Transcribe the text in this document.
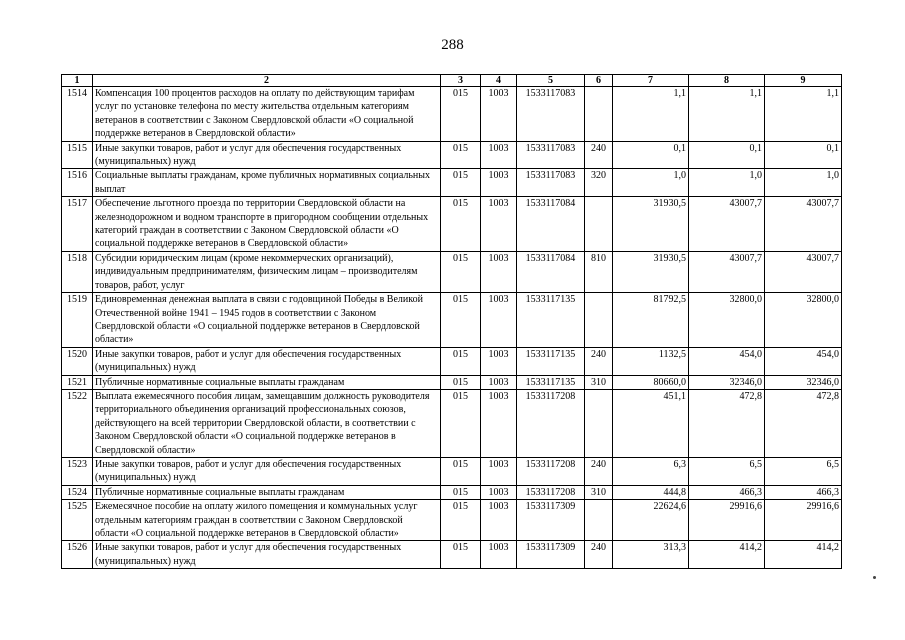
288
1	2	3	4	5	6	7	8	9
1514	Компенсация 100 процентов расходов на оплату по действующим тарифам услуг по установке телефона по месту жительства отдельным категориям ветеранов в соответствии с Законом Свердловской области «О социальной поддержке ветеранов в Свердловской области»	015	1003	1533117083		1,1	1,1	1,1
1515	Иные закупки товаров, работ и услуг для обеспечения государственных (муниципальных) нужд	015	1003	1533117083	240	0,1	0,1	0,1
1516	Социальные выплаты гражданам, кроме публичных нормативных социальных выплат	015	1003	1533117083	320	1,0	1,0	1,0
1517	Обеспечение льготного проезда по территории Свердловской области на железнодорожном и водном транспорте в пригородном сообщении отдельных категорий граждан в соответствии с Законом Свердловской области «О социальной поддержке ветеранов в Свердловской области»	015	1003	1533117084		31930,5	43007,7	43007,7
1518	Субсидии юридическим лицам (кроме некоммерческих организаций), индивидуальным предпринимателям, физическим лицам – производителям товаров, работ, услуг	015	1003	1533117084	810	31930,5	43007,7	43007,7
1519	Единовременная денежная выплата в связи с годовщиной Победы в Великой Отечественной войне 1941 – 1945 годов в соответствии с Законом Свердловской области «О социальной поддержке ветеранов в Свердловской области»	015	1003	1533117135		81792,5	32800,0	32800,0
1520	Иные закупки товаров, работ и услуг для обеспечения государственных (муниципальных) нужд	015	1003	1533117135	240	1132,5	454,0	454,0
1521	Публичные нормативные социальные выплаты гражданам	015	1003	1533117135	310	80660,0	32346,0	32346,0
1522	Выплата ежемесячного пособия лицам, замещавшим должность руководителя территориального объединения организаций профессиональных союзов, действующего на всей территории Свердловской области, в соответствии с Законом Свердловской области «О социальной поддержке ветеранов в Свердловской области»	015	1003	1533117208		451,1	472,8	472,8
1523	Иные закупки товаров, работ и услуг для обеспечения государственных (муниципальных) нужд	015	1003	1533117208	240	6,3	6,5	6,5
1524	Публичные нормативные социальные выплаты гражданам	015	1003	1533117208	310	444,8	466,3	466,3
1525	Ежемесячное пособие на оплату жилого помещения и коммунальных услуг отдельным категориям граждан в соответствии с Законом Свердловской области «О социальной поддержке ветеранов в Свердловской области»	015	1003	1533117309		22624,6	29916,6	29916,6
1526	Иные закупки товаров, работ и услуг для обеспечения государственных (муниципальных) нужд	015	1003	1533117309	240	313,3	414,2	414,2
